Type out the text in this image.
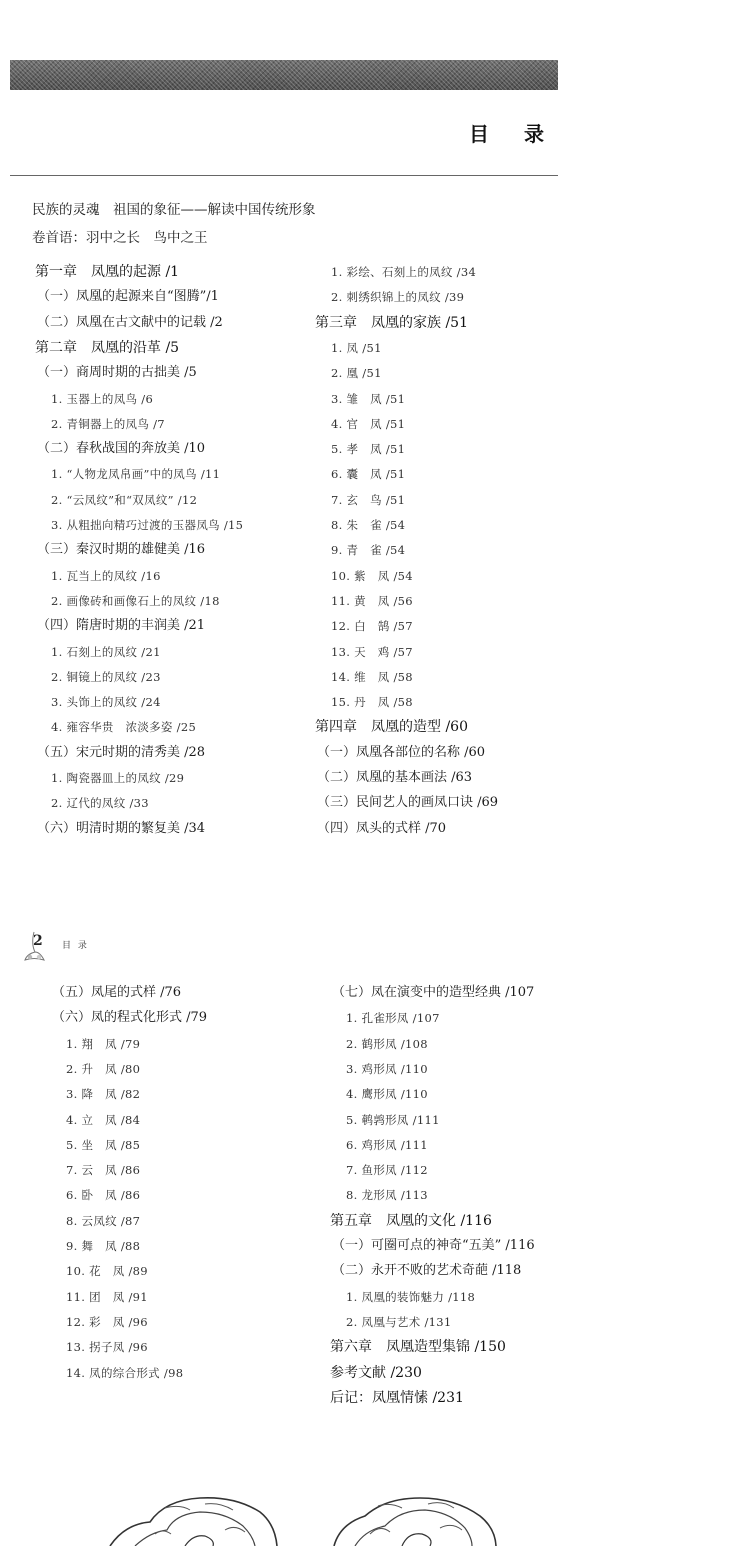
目 录
民族的灵魂　祖国的象征——解读中国传统形象
卷首语：羽中之长　鸟中之王
第一章　凤凰的起源 /1
（一）凤凰的起源来自“图腾”/1
（二）凤凰在古文献中的记载 /2
第二章　凤凰的沿革 /5
（一）商周时期的古拙美 /5
1. 玉器上的凤鸟 /6
2. 青铜器上的凤鸟 /7
（二）春秋战国的奔放美 /10
1. “人物龙凤帛画”中的凤鸟 /11
2. “云凤纹”和“双凤纹” /12
3. 从粗拙向精巧过渡的玉器凤鸟 /15
（三）秦汉时期的雄健美 /16
1. 瓦当上的凤纹 /16
2. 画像砖和画像石上的凤纹 /18
（四）隋唐时期的丰润美 /21
1. 石刻上的凤纹 /21
2. 铜镜上的凤纹 /23
3. 头饰上的凤纹 /24
4. 雍容华贵　浓淡多姿 /25
（五）宋元时期的清秀美 /28
1. 陶瓷器皿上的凤纹 /29
2. 辽代的凤纹 /33
（六）明清时期的繁复美 /34
1. 彩绘、石刻上的凤纹 /34
2. 刺绣织锦上的凤纹 /39
第三章　凤凰的家族 /51
1. 凤 /51
2. 凰 /51
3. 雏　凤 /51
4. 官　凤 /51
5. 孝　凤 /51
6. 囊　凤 /51
7. 玄　鸟 /51
8. 朱　雀 /54
9. 青　雀 /54
10. 紫　凤 /54
11. 黄　凤 /56
12. 白　鹄 /57
13. 天　鸡 /57
14. 维　凤 /58
15. 丹　凤 /58
第四章　凤凰的造型 /60
（一）凤凰各部位的名称 /60
（二）凤凰的基本画法 /63
（三）民间艺人的画凤口诀 /69
（四）凤头的式样 /70
2 目 录
（五）凤尾的式样 /76
（六）凤的程式化形式 /79
1. 翔　凤 /79
2. 升　凤 /80
3. 降　凤 /82
4. 立　凤 /84
5. 坐　凤 /85
7. 云　凤 /86
6. 卧　凤 /86
8. 云凤纹 /87
9. 舞　凤 /88
10. 花　凤 /89
11. 团　凤 /91
12. 彩　凤 /96
13. 拐子凤 /96
14. 凤的综合形式 /98
（七）凤在演变中的造型经典 /107
1. 孔雀形凤 /107
2. 鹤形凤 /108
3. 鸡形凤 /110
4. 鹰形凤 /110
5. 鹌鹑形凤 /111
6. 鸡形凤 /111
7. 鱼形凤 /112
8. 龙形凤 /113
第五章　凤凰的文化 /116
（一）可圈可点的神奇“五美” /116
（二）永开不败的艺术奇葩 /118
1. 凤凰的装饰魅力 /118
2. 凤凰与艺术 /131
第六章　凤凰造型集锦 /150
参考文献 /230
后记：凤凰情愫 /231
